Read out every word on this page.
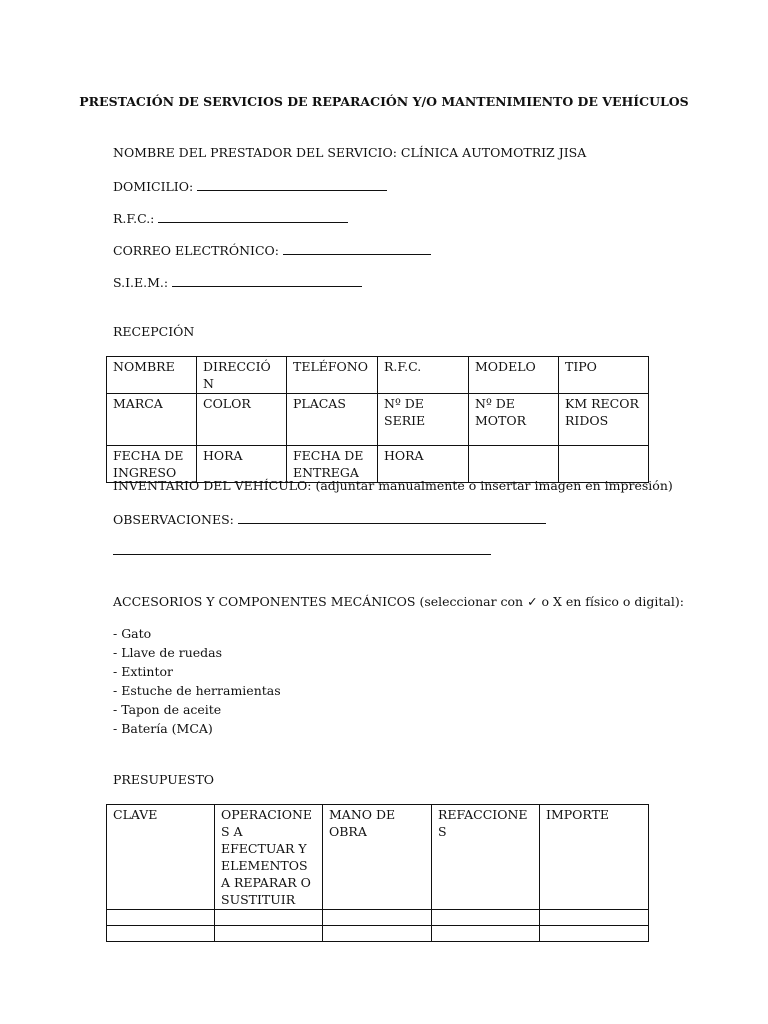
PRESTACIÓN DE SERVICIOS DE REPARACIÓN Y/O MANTENIMIENTO DE VEHÍCULOS
NOMBRE DEL PRESTADOR DEL SERVICIO: CLÍNICA AUTOMOTRIZ JISA
DOMICILIO:
R.F.C.:
CORREO ELECTRÓNICO:
S.I.E.M.:
RECEPCIÓN
NOMBRE	DIRECCIÓN	TELÉFONO	R.F.C.	MODELO	TIPO
MARCA	COLOR	PLACAS	Nº DE SERIE	Nº DE MOTOR	KM RECORRIDOS
FECHA DE INGRESO	HORA	FECHA DE ENTREGA	HORA		
INVENTARIO DEL VEHÍCULO: (adjuntar manualmente o insertar imagen en impresión)
OBSERVACIONES:
ACCESORIOS Y COMPONENTES MECÁNICOS (seleccionar con ✓ o X en físico o digital):
- Gato
- Llave de ruedas
- Extintor
- Estuche de herramientas
- Tapon de aceite
- Batería (MCA)
PRESUPUESTO
CLAVE	OPERACIONES A EFECTUAR Y ELEMENTOS A REPARAR O SUSTITUIR	MANO DE OBRA	REFACCIONES	IMPORTE
